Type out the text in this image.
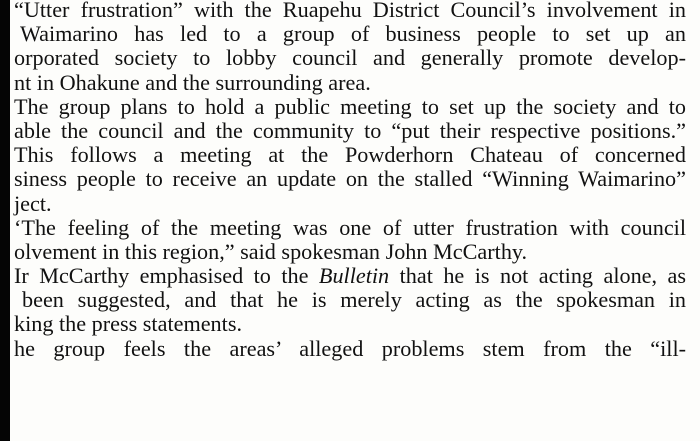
“Utter frustration” with the Ruapehu District Council’s involvement in
Waimarino has led to a group of business people to set up an
orporated society to lobby council and generally promote develop-
nt in Ohakune and the surrounding area.
The group plans to hold a public meeting to set up the society and to
able the council and the community to “put their respective positions.”
This follows a meeting at the Powderhorn Chateau of concerned
siness people to receive an update on the stalled “Winning Waimarino”
ject.
‘The feeling of the meeting was one of utter frustration with council
olvement in this region,” said spokesman John McCarthy.
Ir McCarthy emphasised to the Bulletin that he is not acting alone, as
been suggested, and that he is merely acting as the spokesman in
king the press statements.
he group feels the areas’ alleged problems stem from the “ill-
